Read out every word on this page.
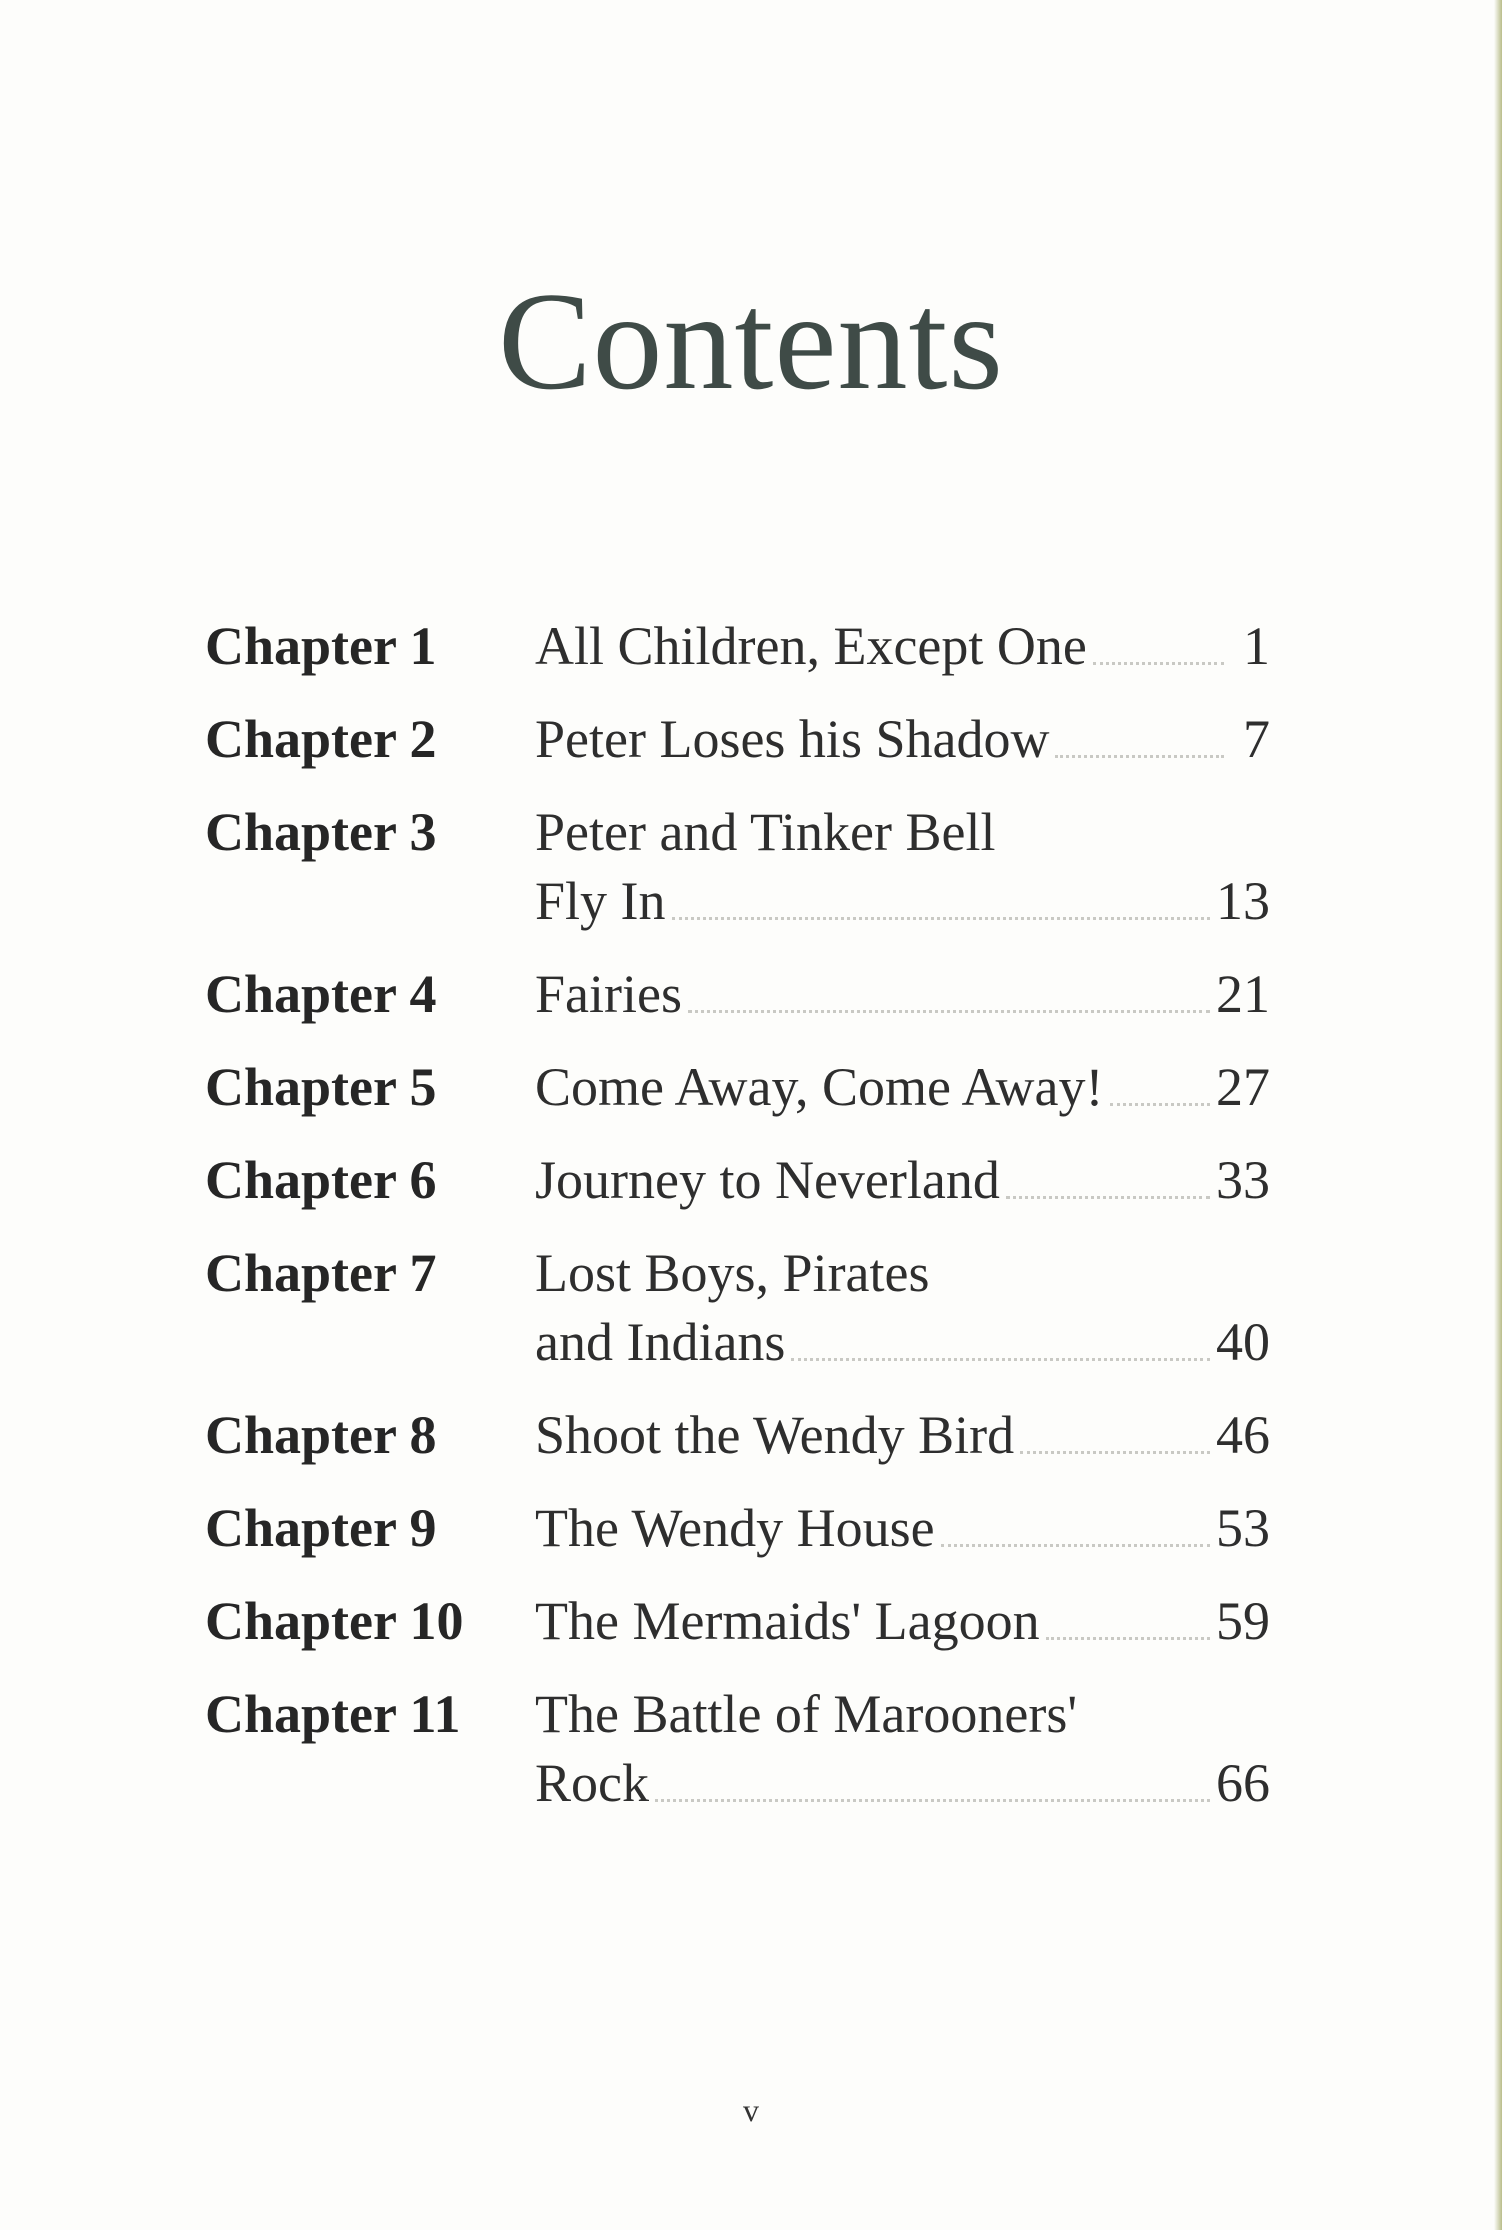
Contents
Chapter 1	All Children, Except One	1
Chapter 2	Peter Loses his Shadow	7
Chapter 3	Peter and Tinker Bell
Fly In	13
Chapter 4	Fairies	21
Chapter 5	Come Away, Come Away! 27
Chapter 6	Journey to Neverland	33
Chapter 7	Lost Boys, Pirates
and Indians	40
Chapter 8	Shoot the Wendy Bird	46
Chapter 9	The Wendy House	53
Chapter 10	The Mermaids' Lagoon	59
Chapter 11	The Battle of Marooners'
Rock	66
v
